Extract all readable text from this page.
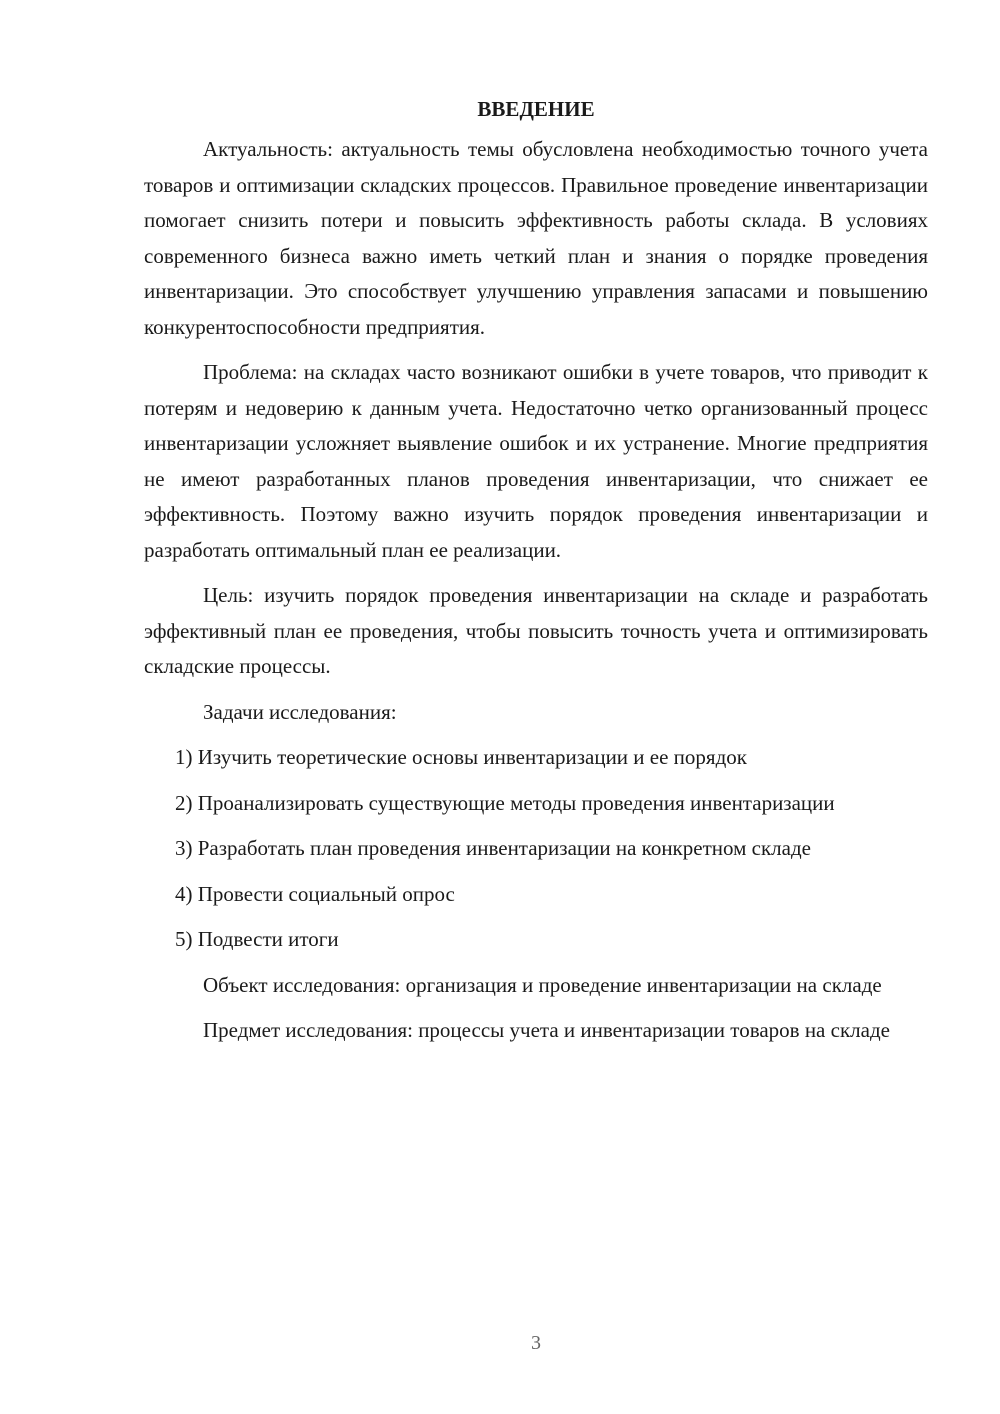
ВВЕДЕНИЕ

Актуальность: актуальность темы обусловлена необходимостью точного учета товаров и оптимизации складских процессов. Правильное проведение инвентаризации помогает снизить потери и повысить эффективность работы склада. В условиях современного бизнеса важно иметь четкий план и знания о порядке проведения инвентаризации. Это способствует улучшению управления запасами и повышению конкурентоспособности предприятия.

Проблема: на складах часто возникают ошибки в учете товаров, что приводит к потерям и недоверию к данным учета. Недостаточно четко организованный процесс инвентаризации усложняет выявление ошибок и их устранение. Многие предприятия не имеют разработанных планов проведения инвентаризации, что снижает ее эффективность. Поэтому важно изучить порядок проведения инвентаризации и разработать оптимальный план ее реализации.

Цель: изучить порядок проведения инвентаризации на складе и разработать эффективный план ее проведения, чтобы повысить точность учета и оптимизировать складские процессы.

Задачи исследования:

1) Изучить теоретические основы инвентаризации и ее порядок

2) Проанализировать существующие методы проведения инвентаризации

3) Разработать план проведения инвентаризации на конкретном складе

4) Провести социальный опрос

5) Подвести итоги

Объект исследования: организация и проведение инвентаризации на складе

Предмет исследования: процессы учета и инвентаризации товаров на складе

3
